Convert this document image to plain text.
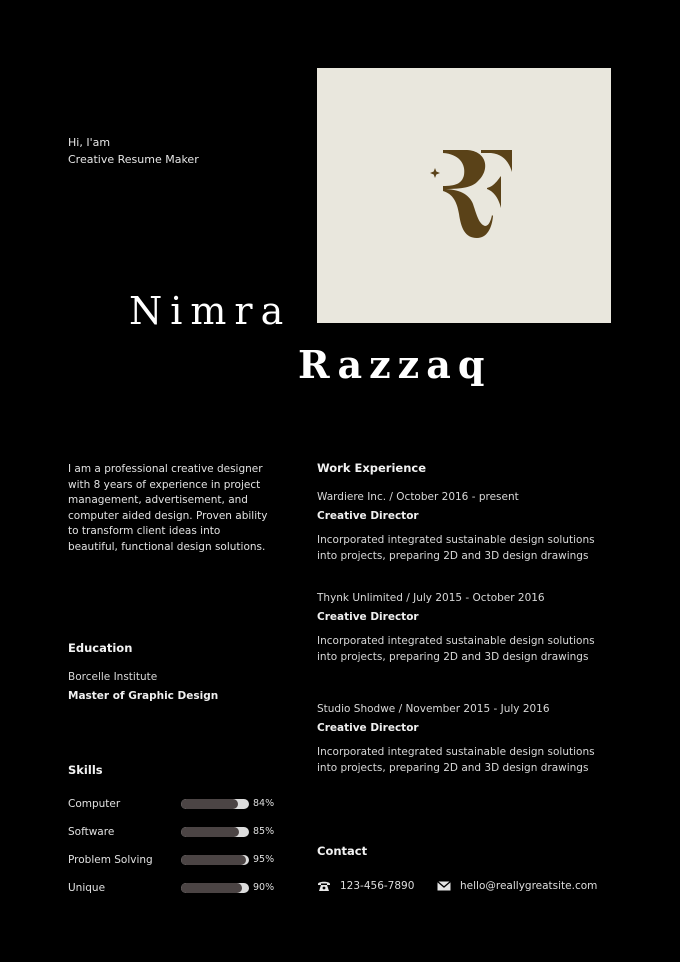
Hi, I'am
Creative Resume Maker
Nimra
Razzaq
I am a professional creative designer with 8 years of experience in project management, advertisement, and computer aided design. Proven ability to transform client ideas into beautiful, functional design solutions.
Education
Borcelle Institute
Master of Graphic Design
Skills
Computer	84%
Software	85%
Problem Solving	95%
Unique	90%
Work Experience
Wardiere Inc. / October 2016 - present
Creative Director
Incorporated integrated sustainable design solutions into projects, preparing 2D and 3D design drawings
Thynk Unlimited / July 2015 - October 2016
Creative Director
Incorporated integrated sustainable design solutions into projects, preparing 2D and 3D design drawings
Studio Shodwe / November 2015 - July 2016
Creative Director
Incorporated integrated sustainable design solutions into projects, preparing 2D and 3D design drawings
Contact
123-456-7890	hello@reallygreatsite.com
